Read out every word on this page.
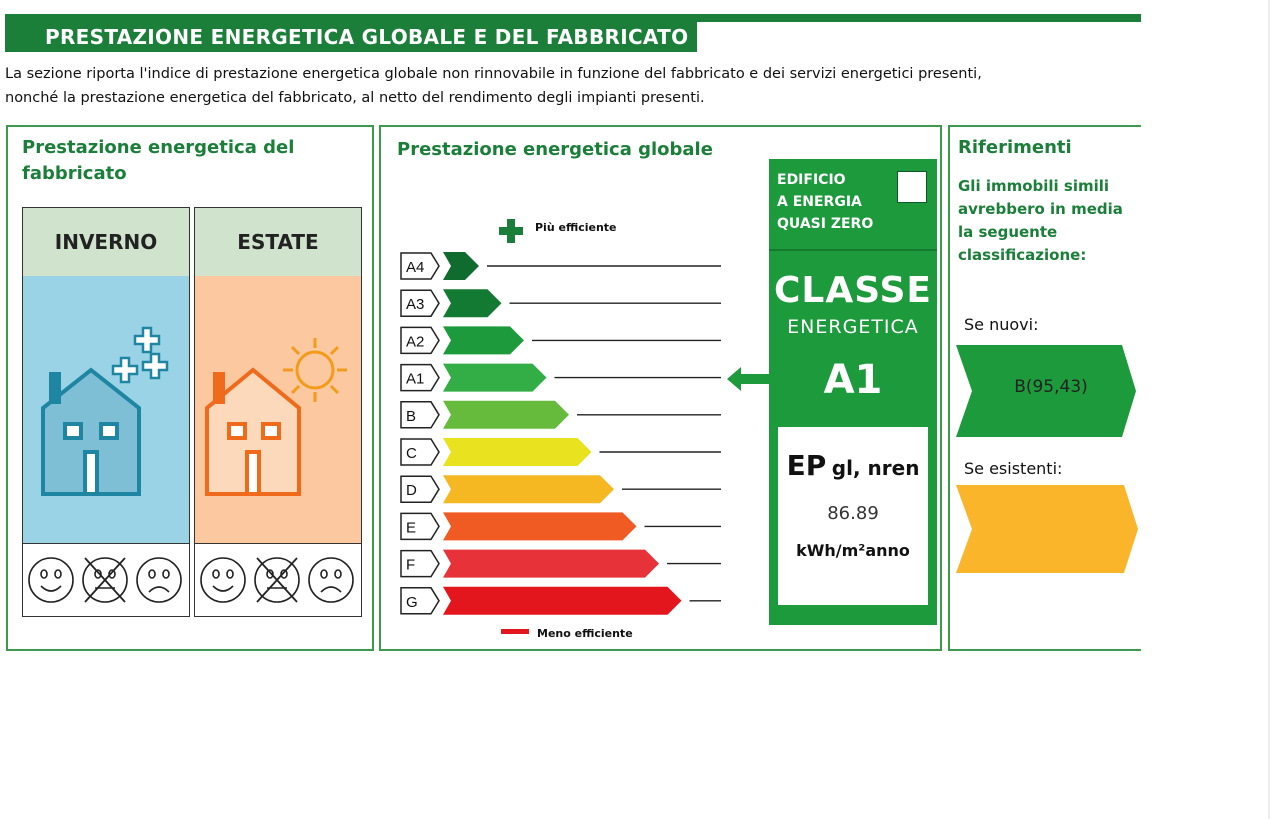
PRESTAZIONE ENERGETICA GLOBALE E DEL FABBRICATO
La sezione riporta l'indice di prestazione energetica globale non rinnovabile in funzione del fabbricato e dei servizi energetici presenti,
nonché la prestazione energetica del fabbricato, al netto del rendimento degli impianti presenti.
Prestazione energetica del fabbricato
INVERNO	ESTATE
Prestazione energetica globale
Più efficiente
A4
A3
A2
A1
B
C
D
E
F
G
Meno efficiente
EDIFICIO
A ENERGIA
QUASI ZERO
CLASSE
ENERGETICA
A1
EP gl, nren
86.89
kWh/m²anno
Riferimenti
Gli immobili simili
avrebbero in media
la seguente
classificazione:
Se nuovi:
B(95,43)
Se esistenti:
